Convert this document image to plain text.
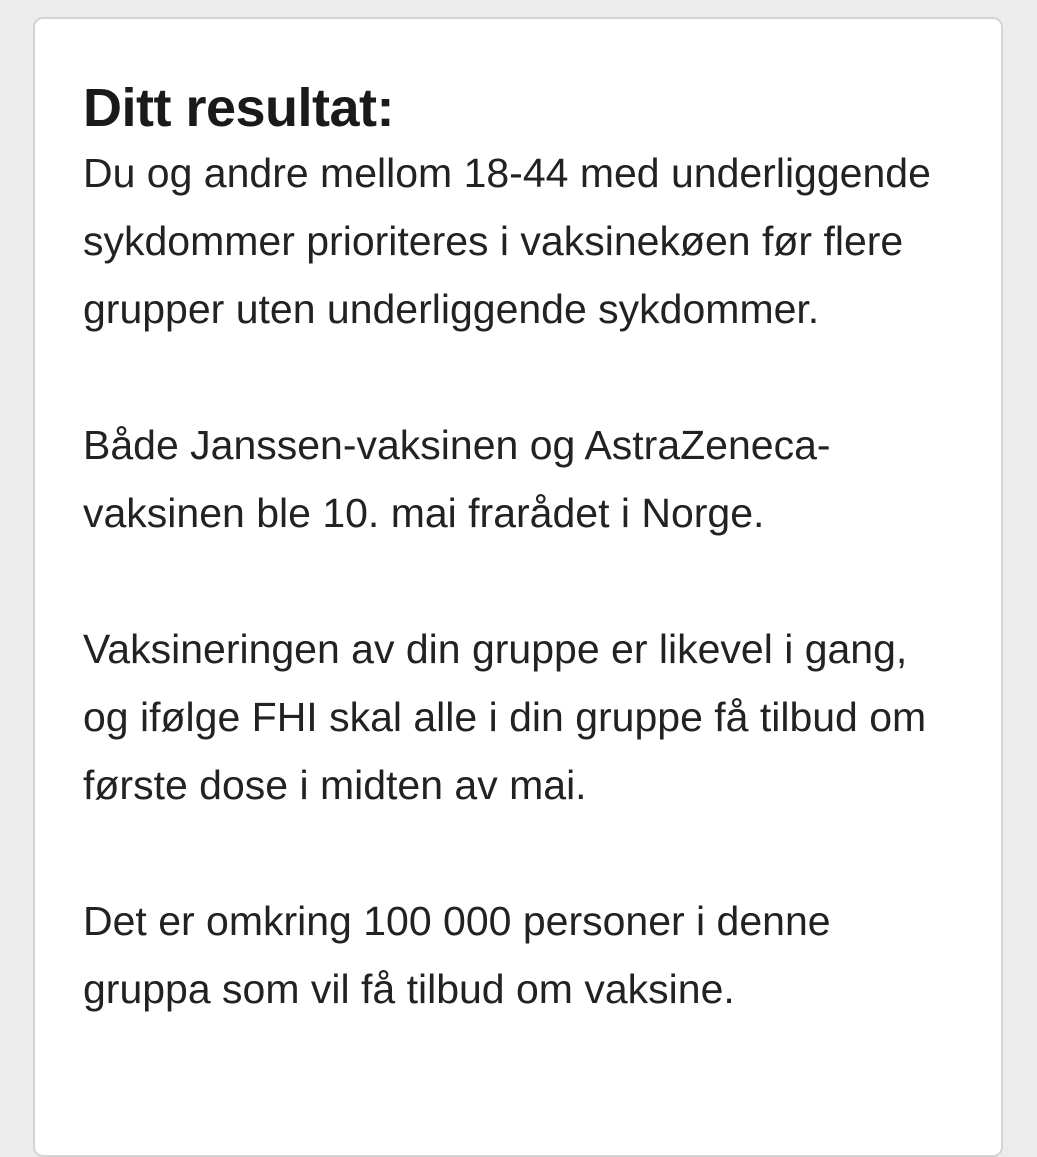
Ditt resultat:

Du og andre mellom 18-44 med underliggende sykdommer prioriteres i vaksinekøen før flere grupper uten underliggende sykdommer.

Både Janssen-vaksinen og AstraZeneca-vaksinen ble 10. mai frarådet i Norge.

Vaksineringen av din gruppe er likevel i gang, og ifølge FHI skal alle i din gruppe få tilbud om første dose i midten av mai.

Det er omkring 100 000 personer i denne gruppa som vil få tilbud om vaksine.
